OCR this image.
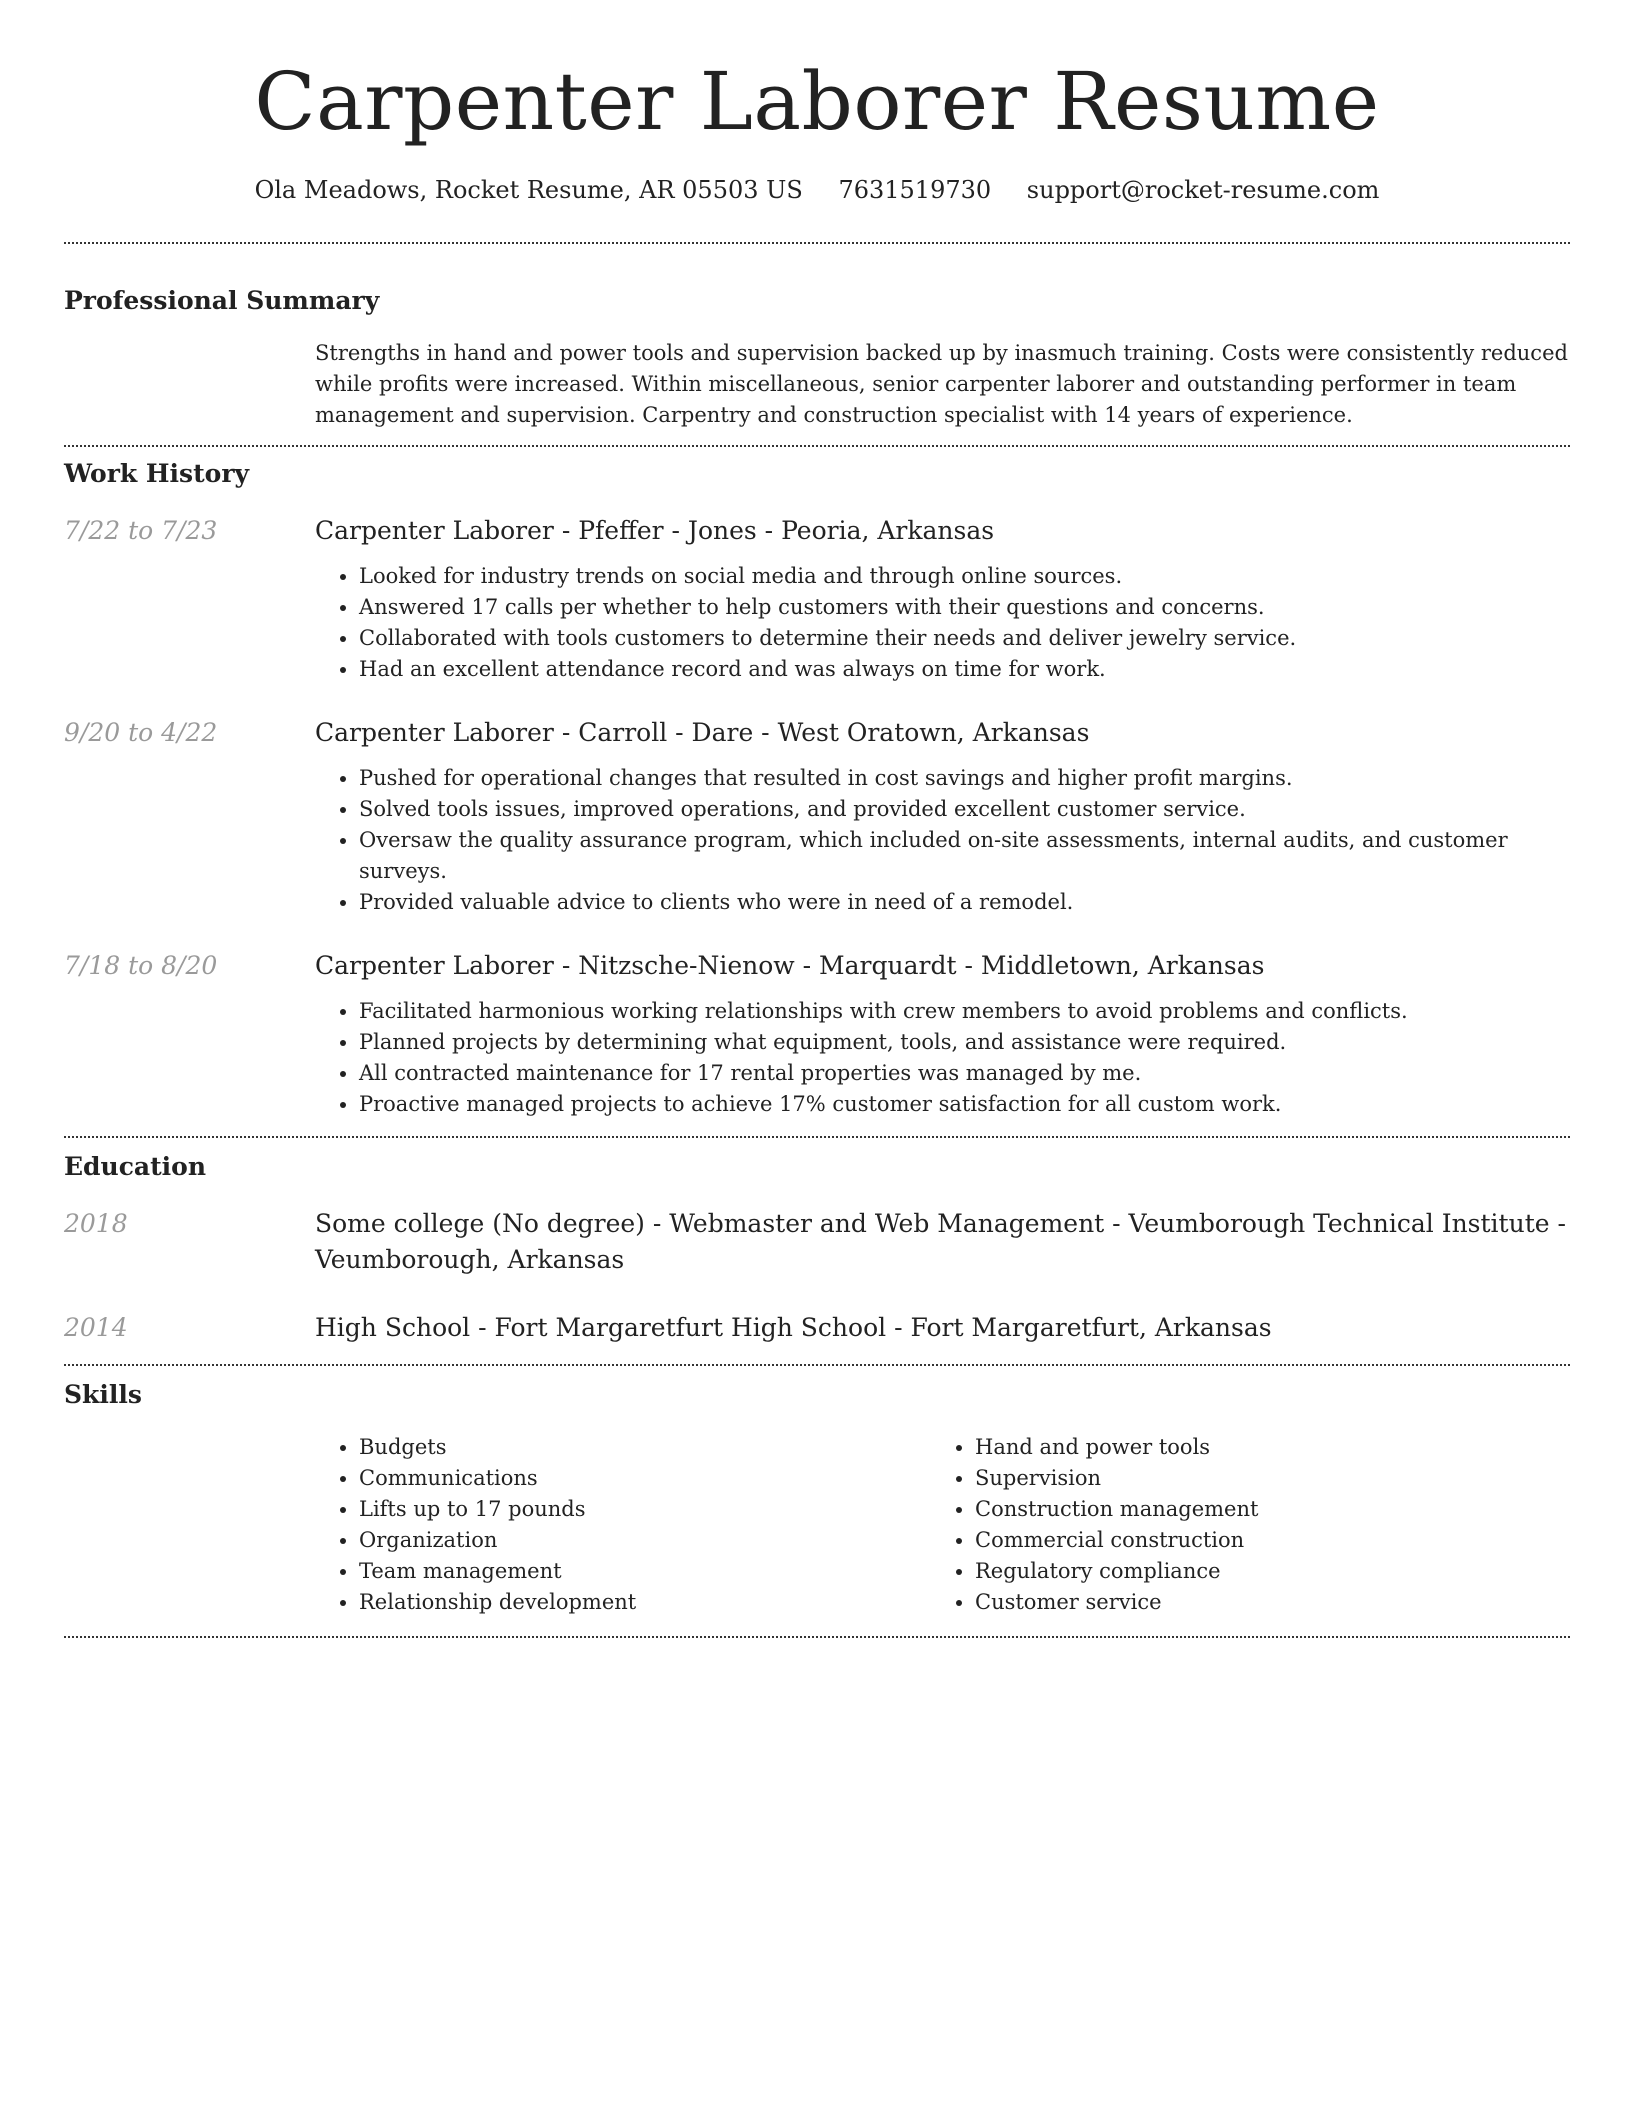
Carpenter Laborer Resume
Ola Meadows, Rocket Resume, AR 05503 US 7631519730 support@rocket-resume.com
Professional Summary

Strengths in hand and power tools and supervision backed up by inasmuch training. Costs were consistently reduced while profits were increased. Within miscellaneous, senior carpenter laborer and outstanding performer in team management and supervision. Carpentry and construction specialist with 14 years of experience.

Work History
7/22 to 7/23	Carpenter Laborer - Pfeffer - Jones - Peoria, Arkansas

• Looked for industry trends on social media and through online sources.
• Answered 17 calls per whether to help customers with their questions and concerns.
• Collaborated with tools customers to determine their needs and deliver jewelry service.
• Had an excellent attendance record and was always on time for work.
9/20 to 4/22	Carpenter Laborer - Carroll - Dare - West Oratown, Arkansas

• Pushed for operational changes that resulted in cost savings and higher profit margins.
• Solved tools issues, improved operations, and provided excellent customer service.
• Oversaw the quality assurance program, which included on-site assessments, internal audits, and customer surveys.
• Provided valuable advice to clients who were in need of a remodel.
7/18 to 8/20	Carpenter Laborer - Nitzsche-Nienow - Marquardt - Middletown, Arkansas

• Facilitated harmonious working relationships with crew members to avoid problems and conflicts.
• Planned projects by determining what equipment, tools, and assistance were required.
• All contracted maintenance for 17 rental properties was managed by me.
• Proactive managed projects to achieve 17% customer satisfaction for all custom work.
Education
2018	Some college (No degree) - Webmaster and Web Management - Veumborough Technical Institute - Veumborough, Arkansas

2014	High School - Fort Margaretfurt High School - Fort Margaretfurt, Arkansas

Skills
• Budgets
• Communications
• Lifts up to 17 pounds
• Organization
• Team management
• Relationship development
• Hand and power tools
• Supervision
• Construction management
• Commercial construction
• Regulatory compliance
• Customer service
